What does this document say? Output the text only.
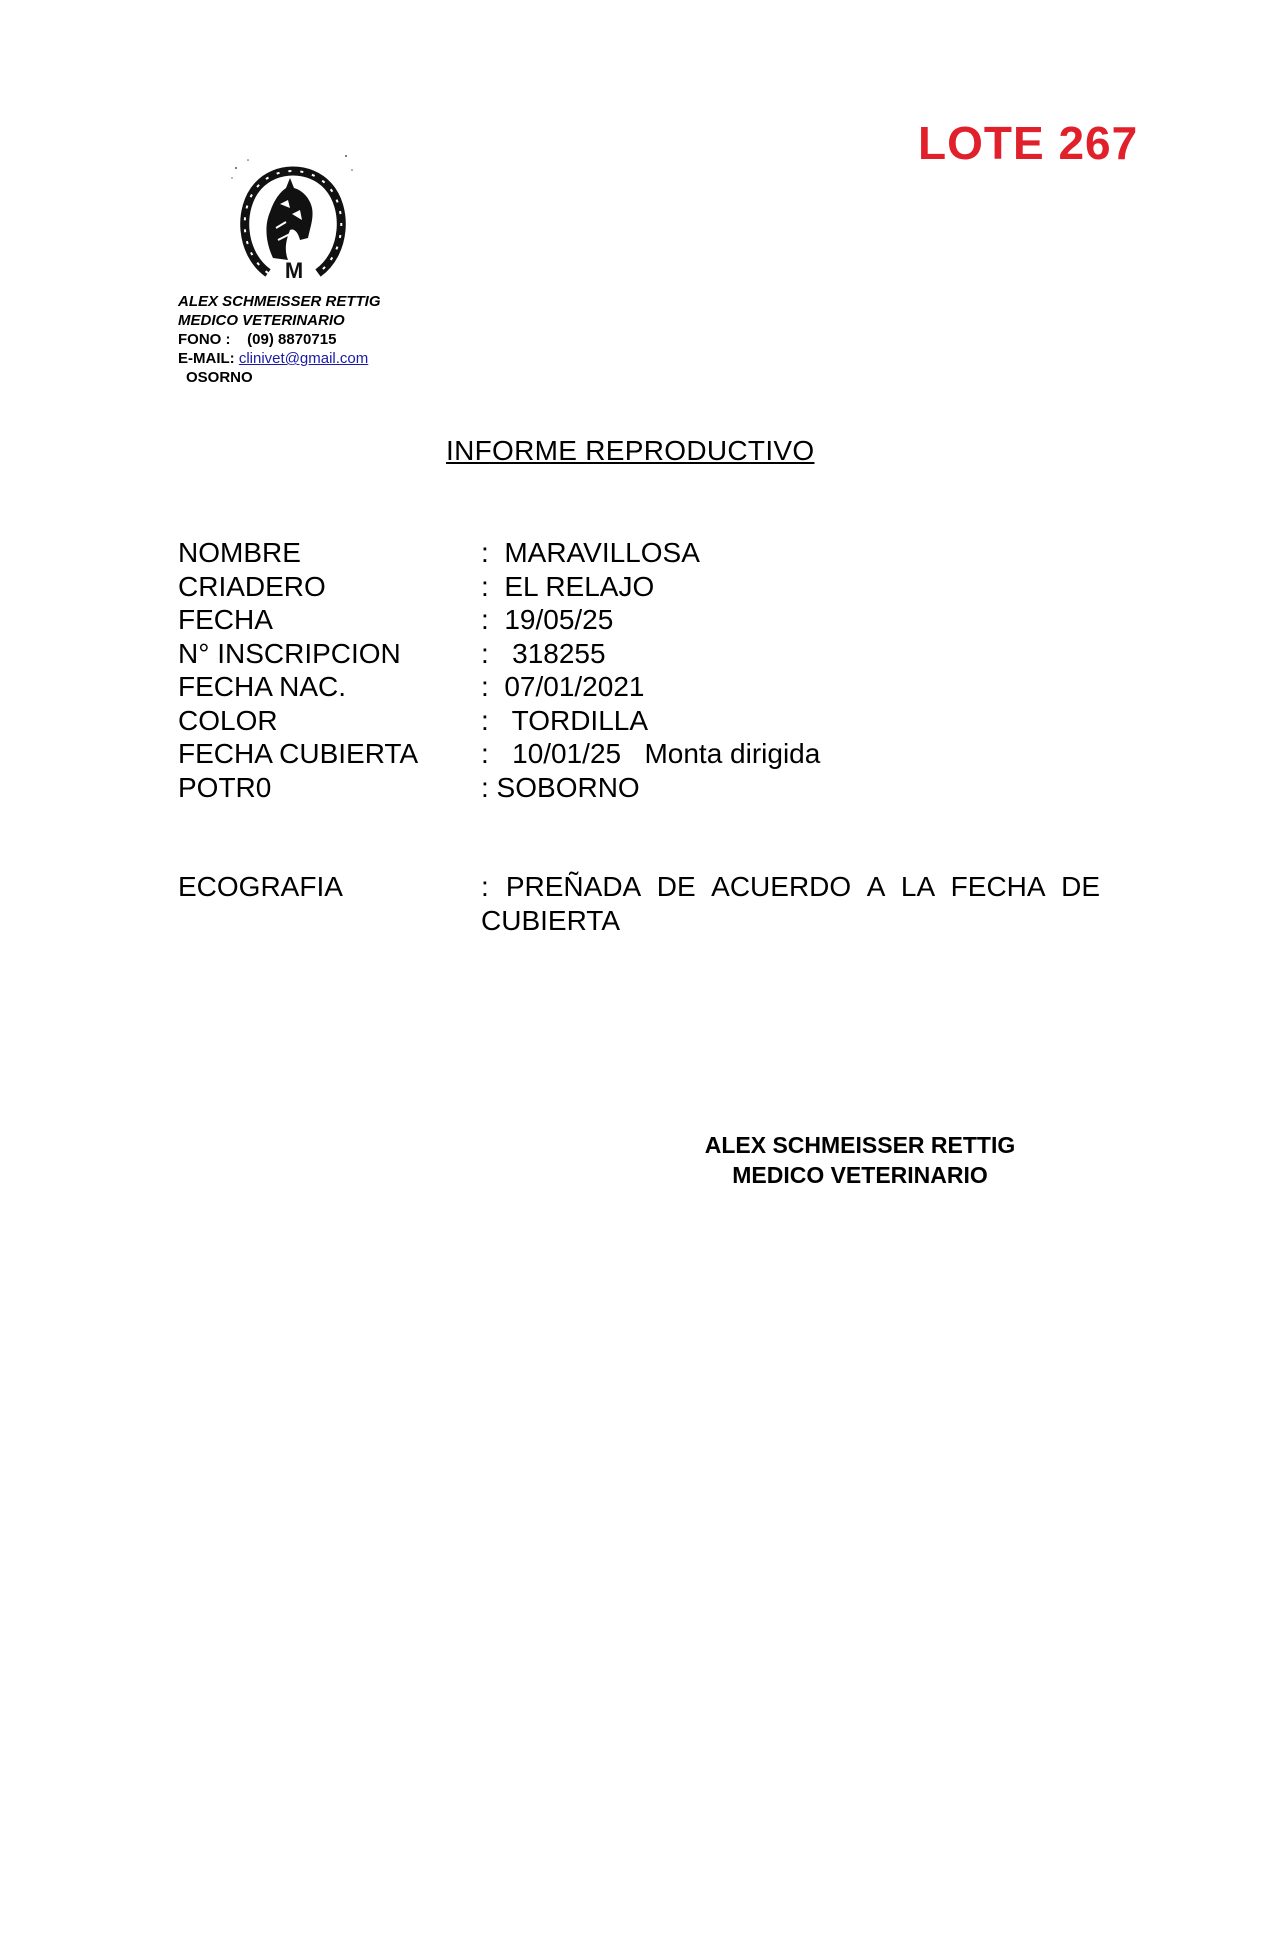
LOTE 267
M
ALEX SCHMEISSER RETTIG
MEDICO VETERINARIO
FONO : (09) 8870715
E-MAIL: clinivet@gmail.com
OSORNO
INFORME REPRODUCTIVO
NOMBRE	:  MARAVILLOSA
CRIADERO	:  EL RELAJO
FECHA	:  19/05/25
N° INSCRIPCION	:   318255
FECHA NAC.	:  07/01/2021
COLOR	:   TORDILLA
FECHA CUBIERTA :   10/01/25   Monta dirigida
POTR0	: SOBORNO
ECOGRAFIA	: PREÑADA DE ACUERDO A LA FECHA DE CUBIERTA
ALEX SCHMEISSER RETTIG
MEDICO VETERINARIO
